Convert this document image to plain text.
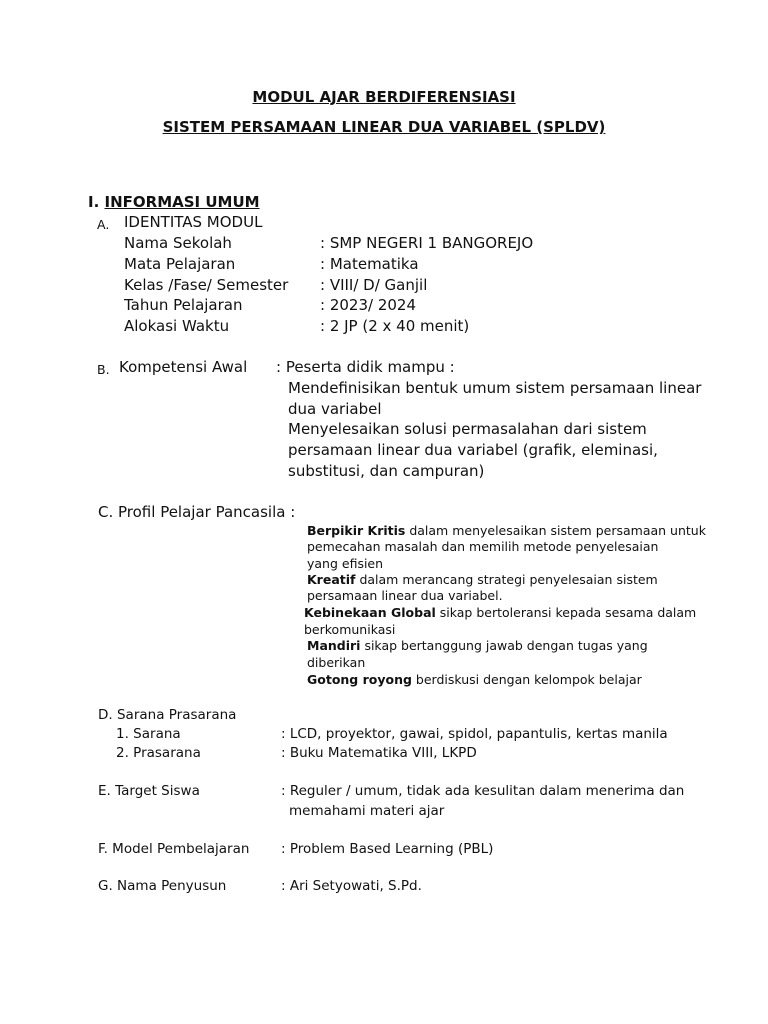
MODUL AJAR BERDIFERENSIASI
SISTEM PERSAMAAN LINEAR DUA VARIABEL (SPLDV)
I. INFORMASI UMUM
A. IDENTITAS MODUL
Nama Sekolah	: SMP NEGERI 1 BANGOREJO
Mata Pelajaran	: Matematika
Kelas /Fase/ Semester : VIII/ D/ Ganjil
Tahun Pelajaran	: 2023/ 2024
Alokasi Waktu	: 2 JP (2 x 40 menit)
B. Kompetensi Awal : Peserta didik mampu :
Mendefinisikan bentuk umum sistem persamaan linear
dua variabel
Menyelesaikan solusi permasalahan dari sistem
persamaan linear dua variabel (grafik, eleminasi,
substitusi, dan campuran)
C. Profil Pelajar Pancasila :
Berpikir Kritis dalam menyelesaikan sistem persamaan untuk
pemecahan masalah dan memilih metode penyelesaian
yang efisien
Kreatif dalam merancang strategi penyelesaian sistem
persamaan linear dua variabel.
Kebinekaan Global sikap bertoleransi kepada sesama dalam
berkomunikasi
Mandiri sikap bertanggung jawab dengan tugas yang
diberikan
Gotong royong berdiskusi dengan kelompok belajar
D. Sarana Prasarana
1. Sarana	: LCD, proyektor, gawai, spidol, papantulis, kertas manila
2. Prasarana	: Buku Matematika VIII, LKPD
E. Target Siswa	: Reguler / umum, tidak ada kesulitan dalam menerima dan
memahami materi ajar
F. Model Pembelajaran : Problem Based Learning (PBL)
G. Nama Penyusun	: Ari Setyowati, S.Pd.
